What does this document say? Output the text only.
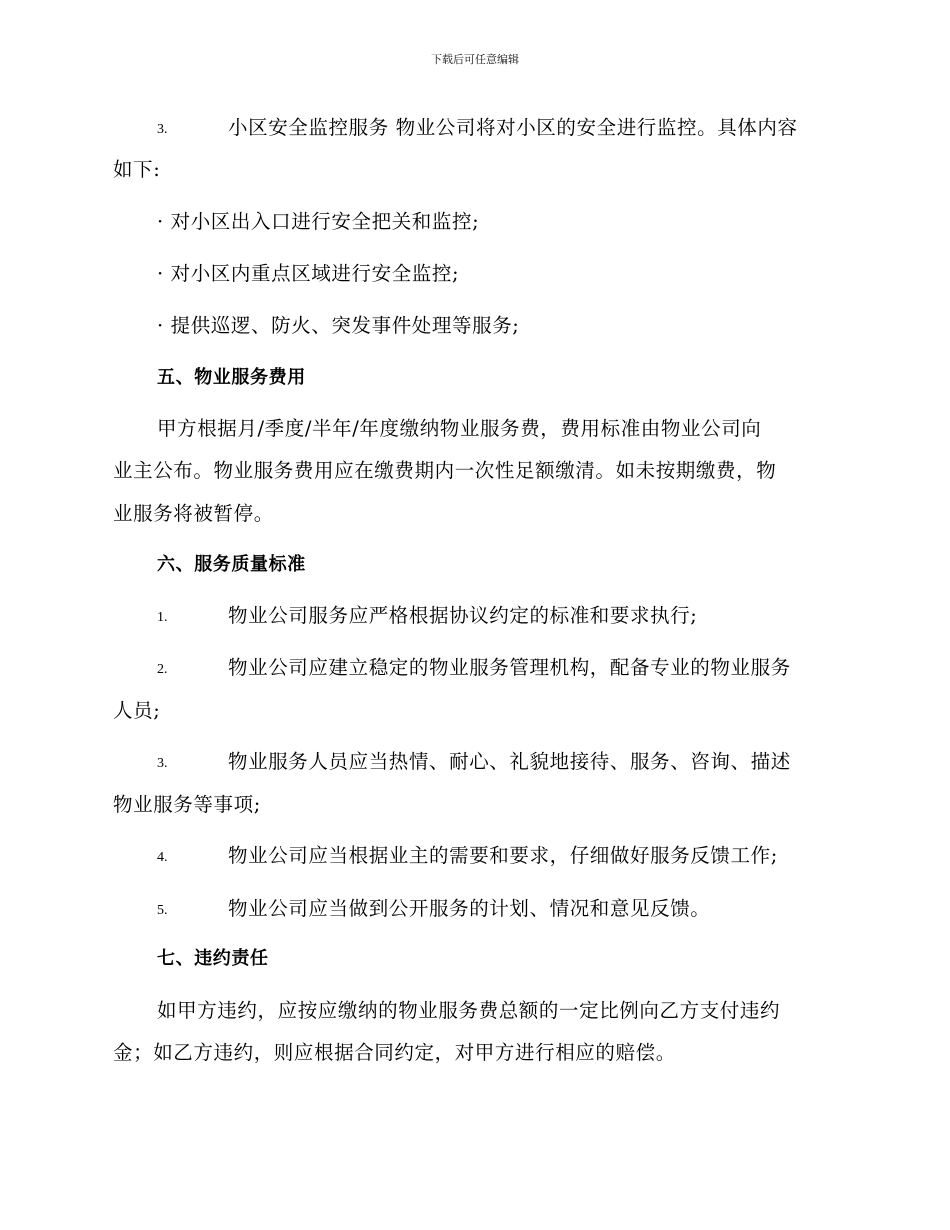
下载后可任意编辑
3.	小区安全监控服务 物业公司将对小区的安全进行监控。具体内容
如下:
· 对小区出入口进行安全把关和监控;
· 对小区内重点区域进行安全监控;
· 提供巡逻、防火、突发事件处理等服务;
五、物业服务费用
甲方根据月/季度/半年/年度缴纳物业服务费，费用标准由物业公司向
业主公布。物业服务费用应在缴费期内一次性足额缴清。如未按期缴费，物
业服务将被暂停。
六、服务质量标准
1.	物业公司服务应严格根据协议约定的标准和要求执行;
2.	物业公司应建立稳定的物业服务管理机构，配备专业的物业服务
人员;
3.	物业服务人员应当热情、耐心、礼貌地接待、服务、咨询、描述
物业服务等事项;
4.	物业公司应当根据业主的需要和要求，仔细做好服务反馈工作;
5.	物业公司应当做到公开服务的计划、情况和意见反馈。
七、违约责任
如甲方违约，应按应缴纳的物业服务费总额的一定比例向乙方支付违约
金；如乙方违约，则应根据合同约定，对甲方进行相应的赔偿。
